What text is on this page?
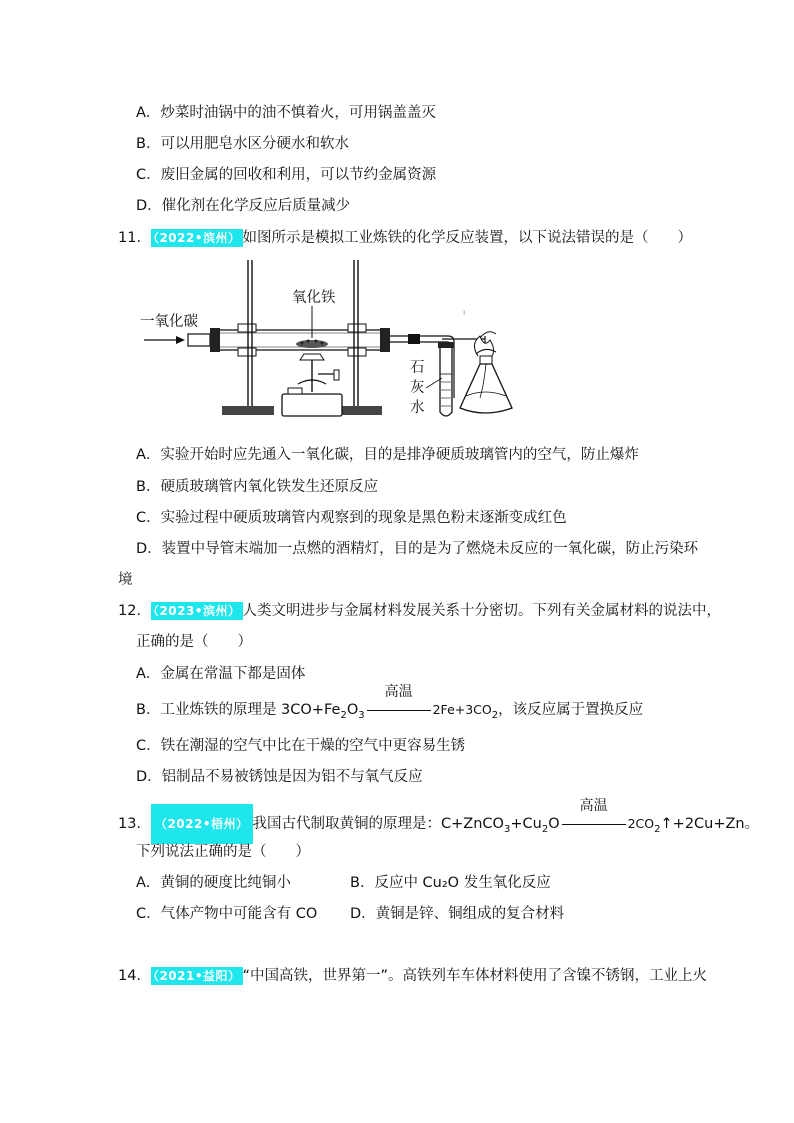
A．炒菜时油锅中的油不慎着火，可用锅盖盖灭
B．可以用肥皂水区分硬水和软水
C．废旧金属的回收和利用，可以节约金属资源
D．催化剂在化学反应后质量减少
11． （2022•滨州） 如图所示是模拟工业炼铁的化学反应装置，以下说法错误的是（　　）
一氧化碳
氧化铁
石
灰
水
ı
A．实验开始时应先通入一氧化碳，目的是排净硬质玻璃管内的空气，防止爆炸
B．硬质玻璃管内氧化铁发生还原反应
C．实验过程中硬质玻璃管内观察到的现象是黑色粉末逐渐变成红色
D．装置中导管末端加一点燃的酒精灯，目的是为了燃烧未反应的一氧化碳，防止污染环
境
12． （2023•滨州） 人类文明进步与金属材料发展关系十分密切。下列有关金属材料的说法中，
正确的是（　　）
A．金属在常温下都是固体
B．工业炼铁的原理是 $3CO+Fe_2O_3$
高温
$2Fe+3CO_2$，该反应属于置换反应
C．铁在潮湿的空气中比在干燥的空气中更容易生锈
D．铝制品不易被锈蚀是因为铝不与氧气反应
13． （2022•梧州） 我国古代制取黄铜的原理是：$C+ZnCO_3+Cu_2O$
高温
$2CO_2↑+2Cu+Zn$。
下列说法正确的是（　　）
A．黄铜的硬度比纯铜小	B．反应中 Cu₂O 发生氧化反应
C．气体产物中可能含有 CO D．黄铜是锌、铜组成的复合材料
14． （2021•益阳） “中国高铁，世界第一”。高铁列车车体材料使用了含镍不锈钢，工业上火
